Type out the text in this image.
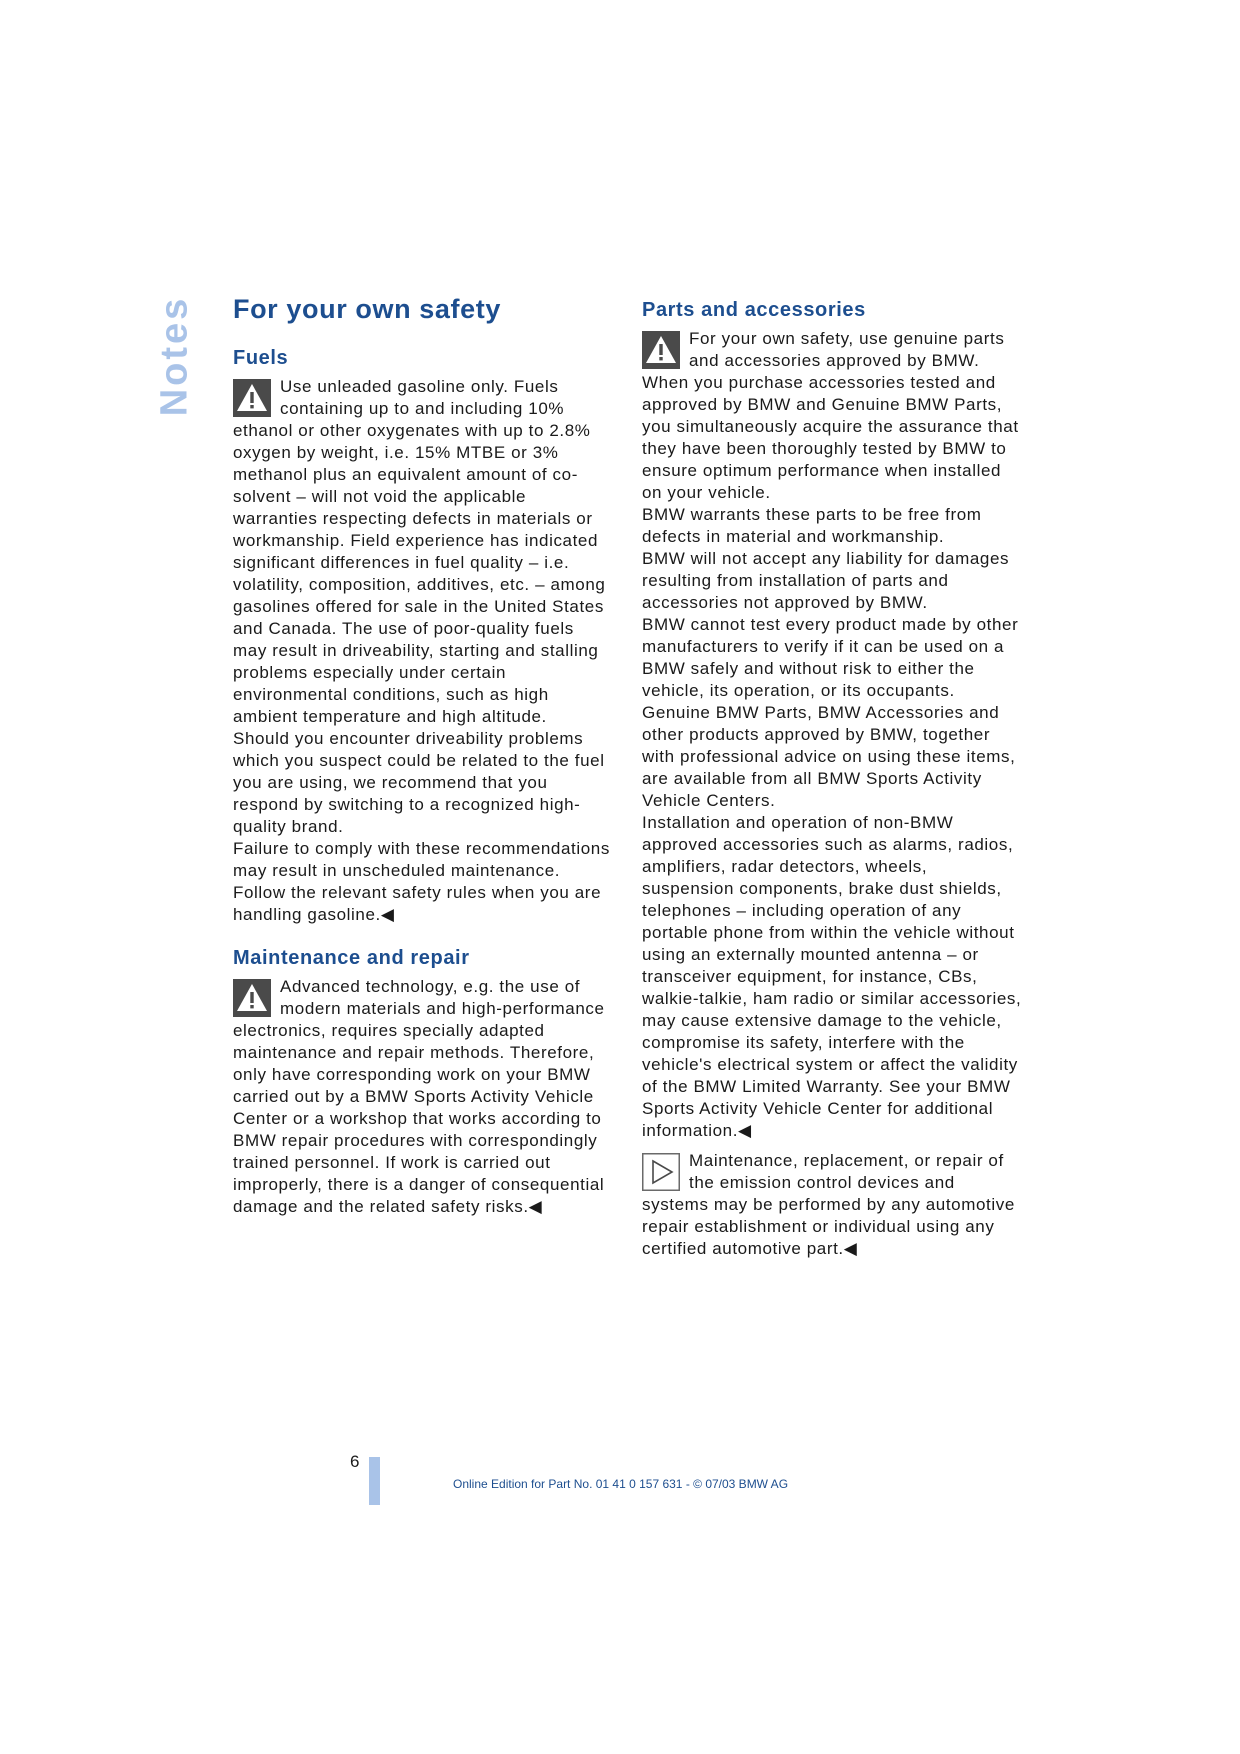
Notes For your own safety
Fuels

Use unleaded gasoline only. Fuels containing up to and including 10% ethanol or other oxygenates with up to 2.8% oxygen by weight, i.e. 15% MTBE or 3% methanol plus an equivalent amount of co-solvent – will not void the applicable warranties respecting defects in materials or workmanship. Field experience has indicated significant differences in fuel quality – i.e. volatility, composition, additives, etc. – among gasolines offered for sale in the United States and Canada. The use of poor-quality fuels may result in driveability, starting and stalling problems especially under certain environmental conditions, such as high ambient temperature and high altitude.

Should you encounter driveability problems which you suspect could be related to the fuel you are using, we recommend that you respond by switching to a recognized high-quality brand.

Failure to comply with these recommendations may result in unscheduled maintenance.

Follow the relevant safety rules when you are handling gasoline.◀

Maintenance and repair

Advanced technology, e.g. the use of modern materials and high-performance electronics, requires specially adapted maintenance and repair methods. Therefore, only have corresponding work on your BMW carried out by a BMW Sports Activity Vehicle Center or a workshop that works according to BMW repair procedures with correspondingly trained personnel. If work is carried out improperly, there is a danger of consequential damage and the related safety risks.◀

Parts and accessories

For your own safety, use genuine parts and accessories approved by BMW.

When you purchase accessories tested and approved by BMW and Genuine BMW Parts, you simultaneously acquire the assurance that they have been thoroughly tested by BMW to ensure optimum performance when installed on your vehicle.

BMW warrants these parts to be free from defects in material and workmanship.

BMW will not accept any liability for damages resulting from installation of parts and accessories not approved by BMW.

BMW cannot test every product made by other manufacturers to verify if it can be used on a BMW safely and without risk to either the vehicle, its operation, or its occupants.

Genuine BMW Parts, BMW Accessories and other products approved by BMW, together with professional advice on using these items, are available from all BMW Sports Activity Vehicle Centers.

Installation and operation of non-BMW approved accessories such as alarms, radios, amplifiers, radar detectors, wheels, suspension components, brake dust shields, telephones – including operation of any portable phone from within the vehicle without using an externally mounted antenna – or transceiver equipment, for instance, CBs, walkie-talkie, ham radio or similar accessories, may cause extensive damage to the vehicle, compromise its safety, interfere with the vehicle's electrical system or affect the validity of the BMW Limited Warranty. See your BMW Sports Activity Vehicle Center for additional information.◀

Maintenance, replacement, or repair of the emission control devices and systems may be performed by any automotive repair establishment or individual using any certified automotive part.◀

6
Online Edition for Part No. 01 41 0 157 631 - © 07/03 BMW AG
